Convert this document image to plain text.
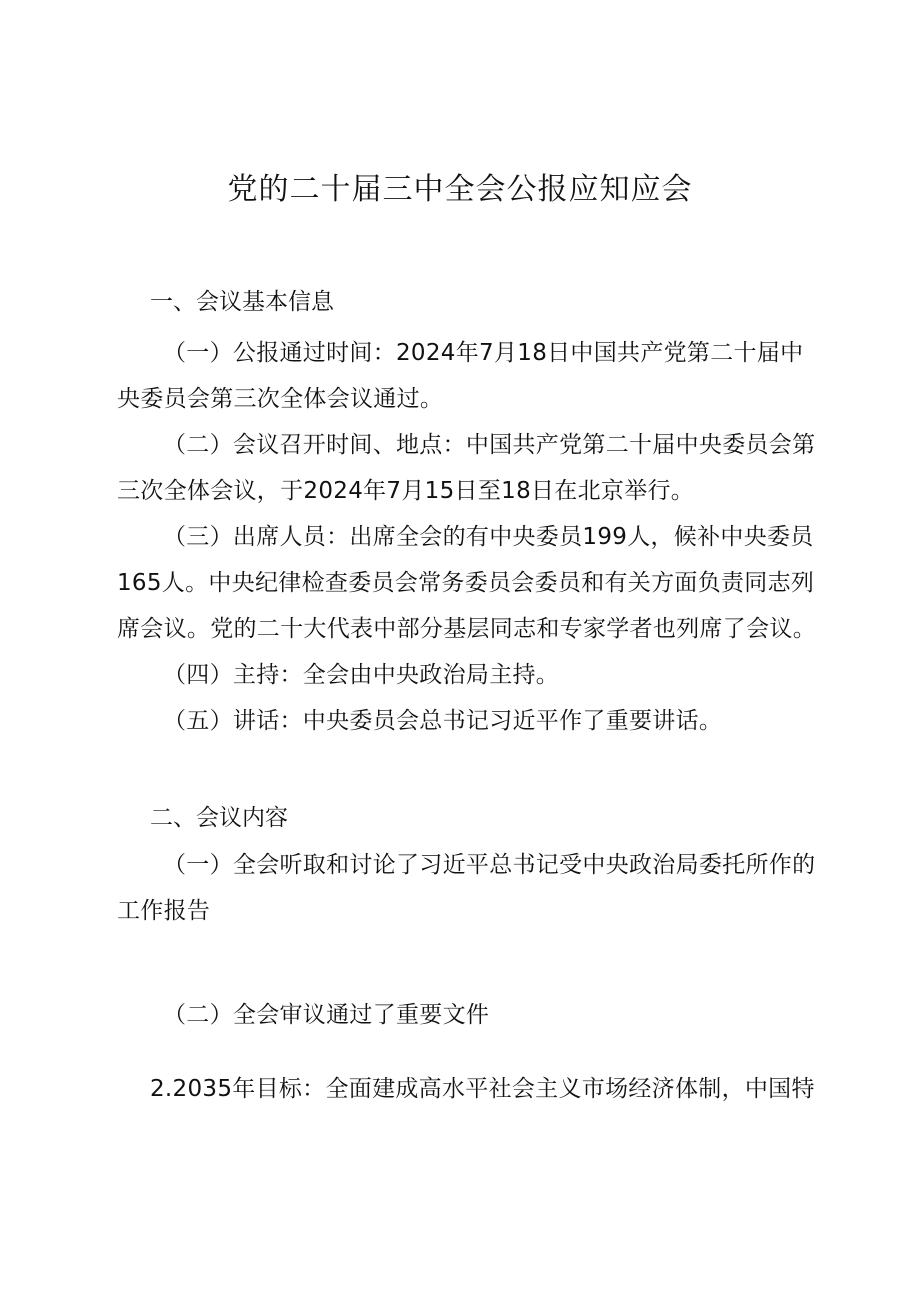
党的二十届三中全会公报应知应会
一、会议基本信息

（一）公报通过时间：2024年7月18日中国共产党第二十届中央委员会第三次全体会议通过。

（二）会议召开时间、地点：中国共产党第二十届中央委员会第三次全体会议，于2024年7月15日至18日在北京举行。

（三）出席人员：出席全会的有中央委员199人，候补中央委员165人。中央纪律检查委员会常务委员会委员和有关方面负责同志列席会议。党的二十大代表中部分基层同志和专家学者也列席了会议。

（四）主持：全会由中央政治局主持。

（五）讲话：中央委员会总书记习近平作了重要讲话。

二、会议内容

（一）全会听取和讨论了习近平总书记受中央政治局委托所作的工作报告

（二）全会审议通过了重要文件

2.2035年目标：全面建成高水平社会主义市场经济体制，中国特
